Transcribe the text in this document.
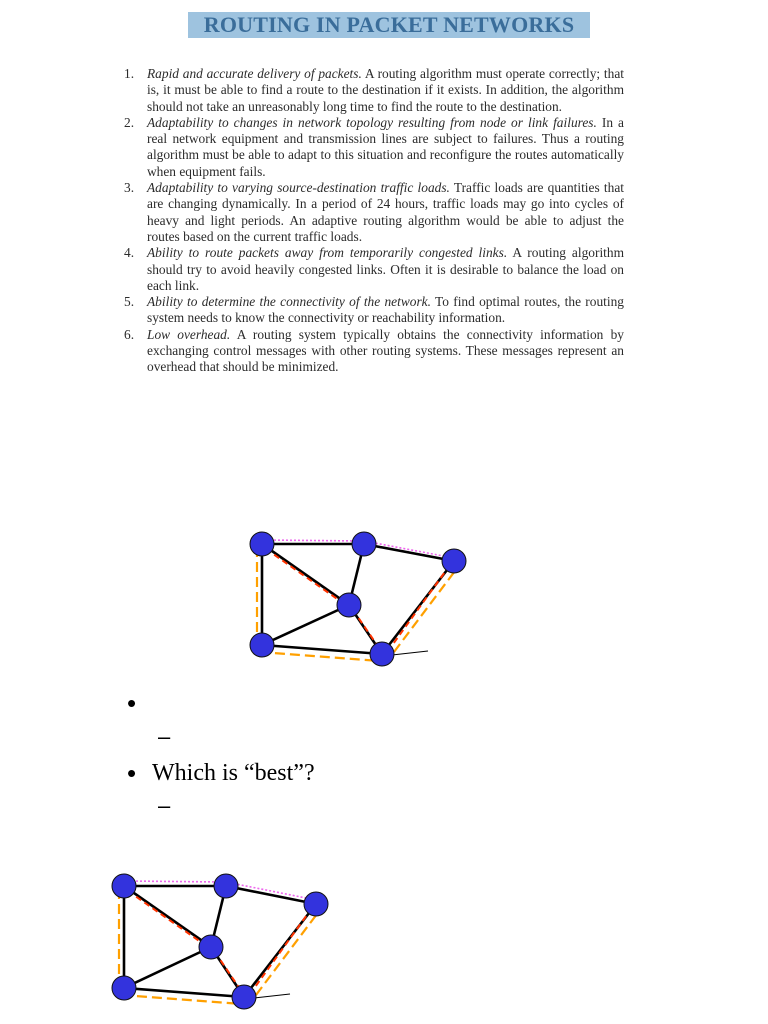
ROUTING IN PACKET NETWORKS
1. Rapid and accurate delivery of packets. A routing algorithm must operate correctly; that is, it must be able to find a route to the destination if it exists. In addition, the algorithm should not take an unreasonably long time to find the route to the destination.
2. Adaptability to changes in network topology resulting from node or link failures. In a real network equipment and transmission lines are subject to failures. Thus a routing algorithm must be able to adapt to this situation and reconfigure the routes automatically when equipment fails.
3. Adaptability to varying source-destination traffic loads. Traffic loads are quantities that are changing dynamically. In a period of 24 hours, traffic loads may go into cycles of heavy and light periods. An adaptive routing algorithm would be able to adjust the routes based on the current traffic loads.
4. Ability to route packets away from temporarily congested links. A routing algorithm should try to avoid heavily congested links. Often it is desirable to balance the load on each link.
5. Ability to determine the connectivity of the network. To find optimal routes, the routing system needs to know the connectivity or reachability information.
6. Low overhead. A routing system typically obtains the connectivity information by exchanging control messages with other routing systems. These messages represent an overhead that should be minimized.
•
–
• Which is “best”?
–
